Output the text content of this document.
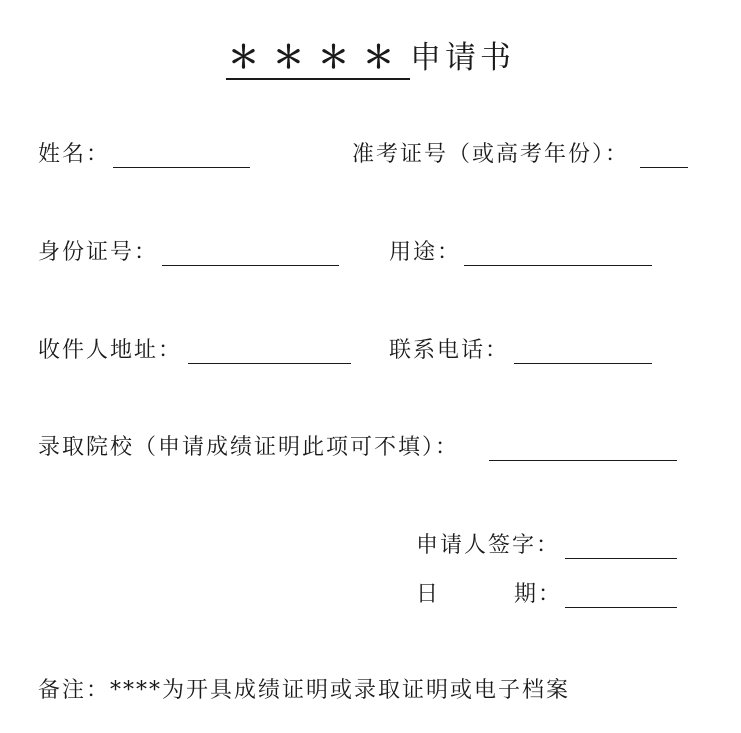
＊＊＊＊申请书
姓名：	准考证号（或高考年份）：
身份证号：	用途：
收件人地址：	联系电话：
录取院校（申请成绩证明此项可不填）：
申请人签字：
日	期：
备注：****为开具成绩证明或录取证明或电子档案
